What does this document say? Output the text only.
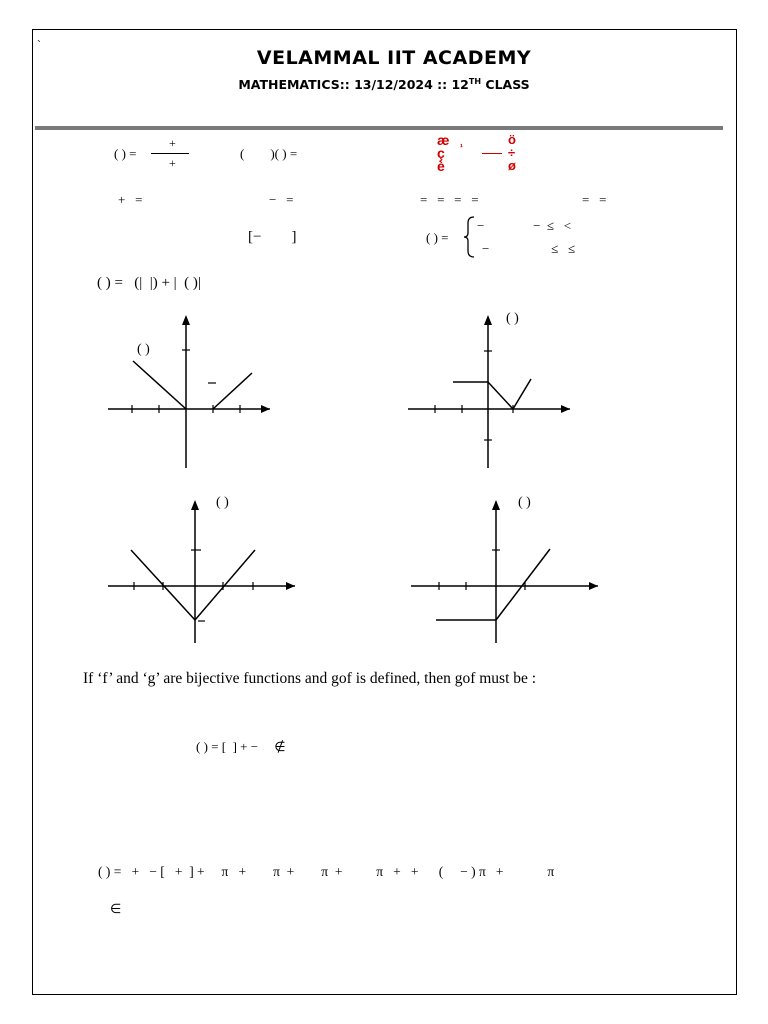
`
VELAMMAL IIT ACADEMY
MATHEMATICS:: 13/12/2024 :: 12TH CLASS
( ) =
+
+
(        )( ) =
æ ¹	ö
ç	÷
è	ø
+   =	−   =	=   =   =   =	=   =
[−        ]	( ) =
−               −  ≤   <
−                   ≤   ≤
( ) =   (|  |) + |  ( )|
( )
( )
( )	( )
If ‘f’ and ‘g’ are bijective functions and gof is defined, then gof must be :
( ) = [  ] + −     ∉
( ) =   +   − [   +  ] +     π   +        π  +        π  +          π   +   +      (     − ) π   +             π
∈
